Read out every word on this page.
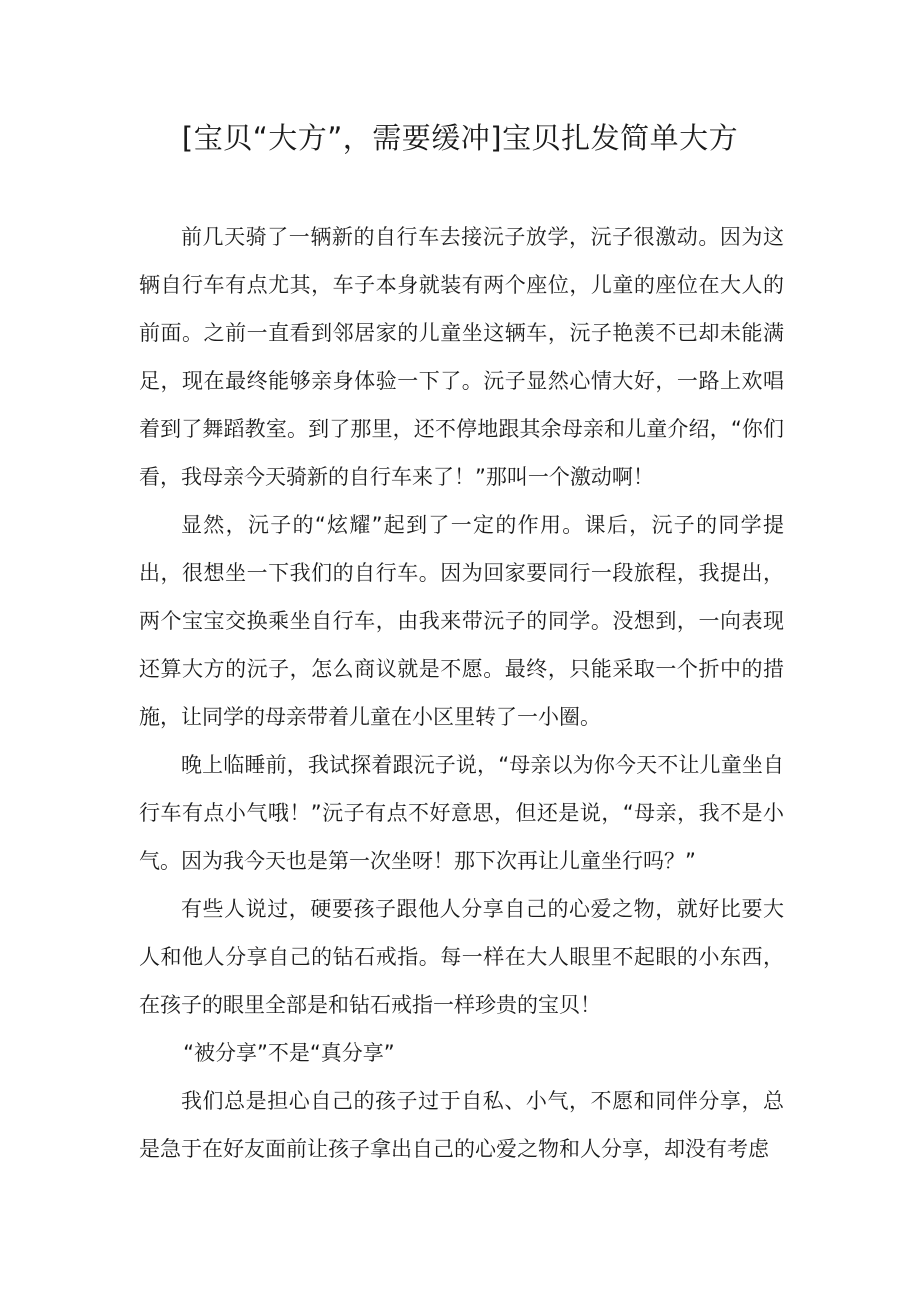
[宝贝“大方”，需要缓冲]宝贝扎发简单大方

前几天骑了一辆新的自行车去接沅子放学，沅子很激动。因为这辆自行车有点尤其，车子本身就装有两个座位，儿童的座位在大人的前面。之前一直看到邻居家的儿童坐这辆车，沅子艳羡不已却未能满足，现在最终能够亲身体验一下了。沅子显然心情大好，一路上欢唱着到了舞蹈教室。到了那里，还不停地跟其余母亲和儿童介绍，“你们看，我母亲今天骑新的自行车来了！”那叫一个激动啊！

显然，沅子的“炫耀”起到了一定的作用。课后，沅子的同学提出，很想坐一下我们的自行车。因为回家要同行一段旅程，我提出，两个宝宝交换乘坐自行车，由我来带沅子的同学。没想到，一向表现还算大方的沅子，怎么商议就是不愿。最终，只能采取一个折中的措施，让同学的母亲带着儿童在小区里转了一小圈。

晚上临睡前，我试探着跟沅子说，“母亲以为你今天不让儿童坐自行车有点小气哦！”沅子有点不好意思，但还是说，“母亲，我不是小气。因为我今天也是第一次坐呀！那下次再让儿童坐行吗？”

有些人说过，硬要孩子跟他人分享自己的心爱之物，就好比要大人和他人分享自己的钻石戒指。每一样在大人眼里不起眼的小东西，在孩子的眼里全部是和钻石戒指一样珍贵的宝贝！

“被分享”不是“真分享”

我们总是担心自己的孩子过于自私、小气，不愿和同伴分享，总是急于在好友面前让孩子拿出自己的心爱之物和人分享，却没有考虑
